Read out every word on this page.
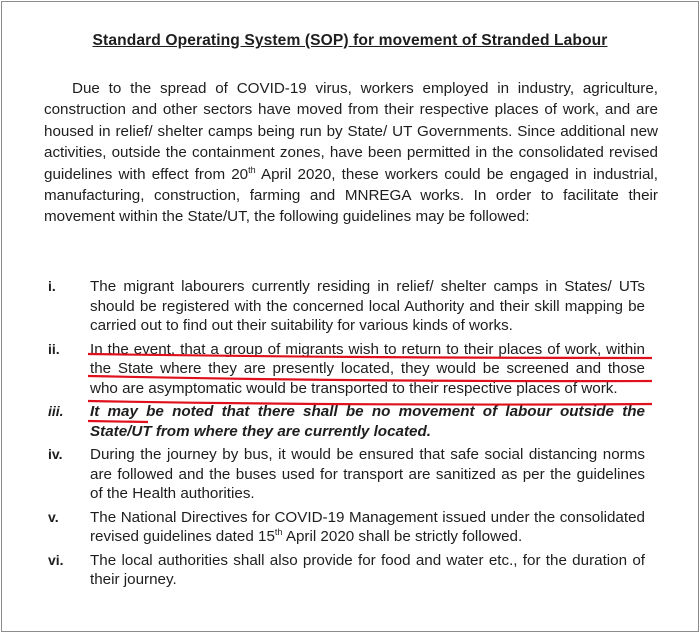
Standard Operating System (SOP) for movement of Stranded Labour

Due to the spread of COVID-19 virus, workers employed in industry, agriculture, construction and other sectors have moved from their respective places of work, and are housed in relief/ shelter camps being run by State/ UT Governments. Since additional new activities, outside the containment zones, have been permitted in the consolidated revised guidelines with effect from 20th April 2020, these workers could be engaged in industrial, manufacturing, construction, farming and MNREGA works. In order to facilitate their movement within the State/UT, the following guidelines may be followed:

i.	The migrant labourers currently residing in relief/ shelter camps in States/ UTs should be registered with the concerned local Authority and their skill mapping be carried out to find out their suitability for various kinds of works.
ii.	In the event, that a group of migrants wish to return to their places of work, within the State where they are presently located, they would be screened and those who are asymptomatic would be transported to their respective places of work.
iii.	It may be noted that there shall be no movement of labour outside the State/UT from where they are currently located.
iv.	During the journey by bus, it would be ensured that safe social distancing norms are followed and the buses used for transport are sanitized as per the guidelines of the Health authorities.
v.	The National Directives for COVID-19 Management issued under the consolidated revised guidelines dated 15th April 2020 shall be strictly followed.
vi.	The local authorities shall also provide for food and water etc., for the duration of their journey.
